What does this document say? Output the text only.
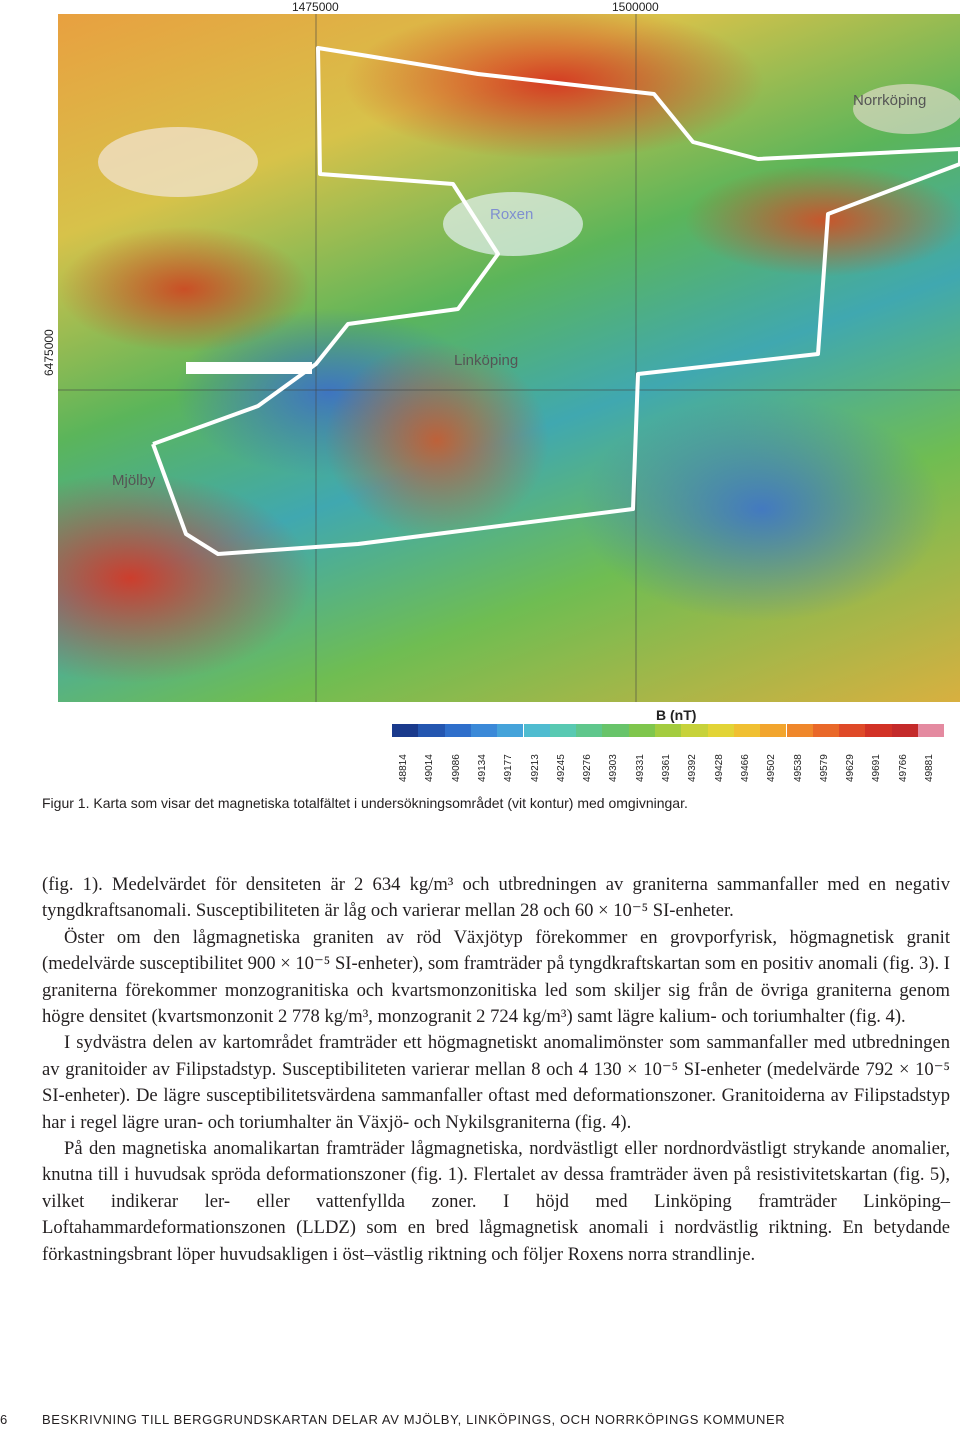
1475000	1500000
6475000
Norrköping
Roxen
Linköping
Mjölby
B (nT)
48814 49014 49086 49134 49177 49213 49245 49276 49303 49331 49361 49392 49428 49466 49502 49538 49579 49629 49691 49766 49881
Figur 1. Karta som visar det magnetiska totalfältet i undersökningsområdet (vit kontur) med omgivningar.

(fig. 1). Medelvärdet för densiteten är 2 634 kg/m³ och utbredningen av graniterna sammanfaller med en negativ tyngdkraftsanomali. Susceptibiliteten är låg och varierar mellan 28 och 60 × 10⁻⁵ SI-enheter.

Öster om den lågmagnetiska graniten av röd Växjötyp förekommer en grovporfyrisk, högmagnetisk granit (medelvärde susceptibilitet 900 × 10⁻⁵ SI-enheter), som framträder på tyngdkraftskartan som en positiv anomali (fig. 3). I graniterna förekommer monzogranitiska och kvartsmonzonitiska led som skiljer sig från de övriga graniterna genom högre densitet (kvartsmonzonit 2 778 kg/m³, monzogranit 2 724 kg/m³) samt lägre kalium- och toriumhalter (fig. 4).

I sydvästra delen av kartområdet framträder ett högmagnetiskt anomalimönster som sammanfaller med utbredningen av granitoider av Filipstadstyp. Susceptibiliteten varierar mellan 8 och 4 130 × 10⁻⁵ SI-enheter (medelvärde 792 × 10⁻⁵ SI-enheter). De lägre susceptibilitetsvärdena sammanfaller oftast med deformationszoner. Granitoiderna av Filipstadstyp har i regel lägre uran- och toriumhalter än Växjö- och Nykilsgraniterna (fig. 4).

På den magnetiska anomalikartan framträder lågmagnetiska, nordvästligt eller nordnordvästligt strykande anomalier, knutna till i huvudsak spröda deformationszoner (fig. 1). Flertalet av dessa framträder även på resistivitetskartan (fig. 5), vilket indikerar ler- eller vattenfyllda zoner. I höjd med Linköping framträder Linköping–Loftahammardeformationszonen (LLDZ) som en bred lågmagnetisk anomali i nordvästlig riktning. En betydande förkastningsbrant löper huvudsakligen i öst–västlig riktning och följer Roxens norra strandlinje.

6	BESKRIVNING TILL BERGGRUNDSKARTAN DELAR AV MJÖLBY, LINKÖPINGS, OCH NORRKÖPINGS KOMMUNER
